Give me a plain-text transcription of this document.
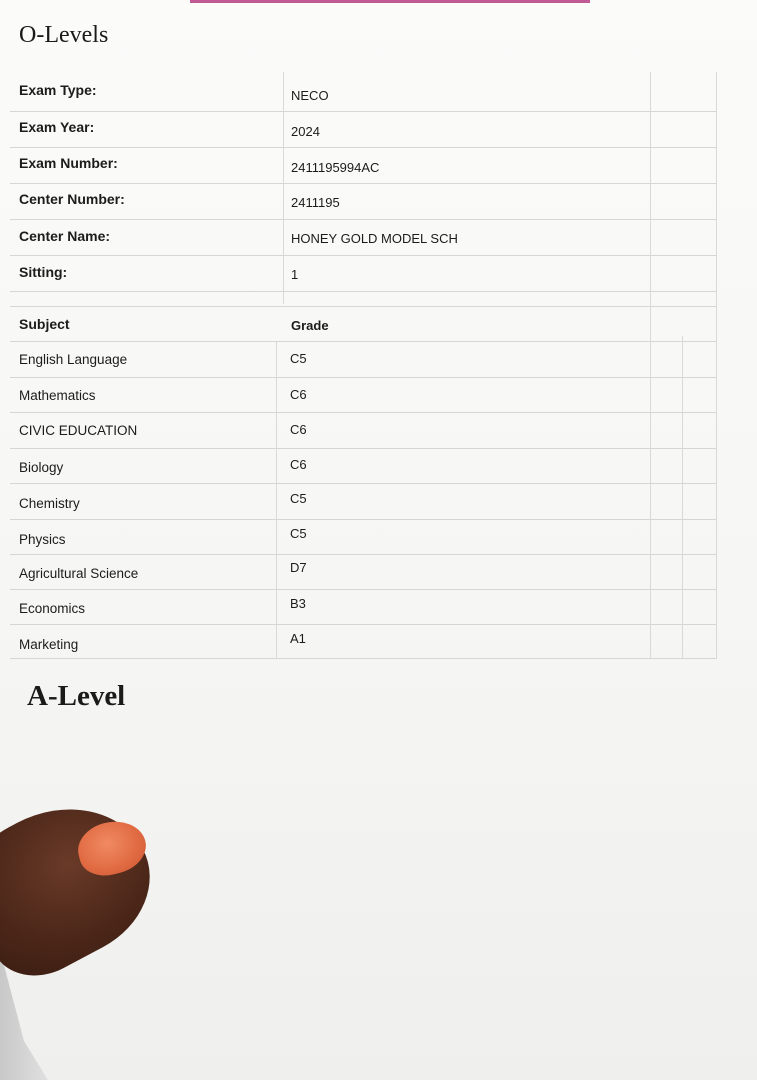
O-Levels
Exam Type:	NECO
Exam Year:	2024
Exam Number:	2411195994AC
Center Number:	2411195
Center Name:	HONEY GOLD MODEL SCH
Sitting:	1
Subject	Grade
English Language	C5
Mathematics	C6
CIVIC EDUCATION	C6
Biology	C6
Chemistry	C5
Physics	C5
Agricultural Science	D7
Economics	B3
Marketing	A1
A-Level
